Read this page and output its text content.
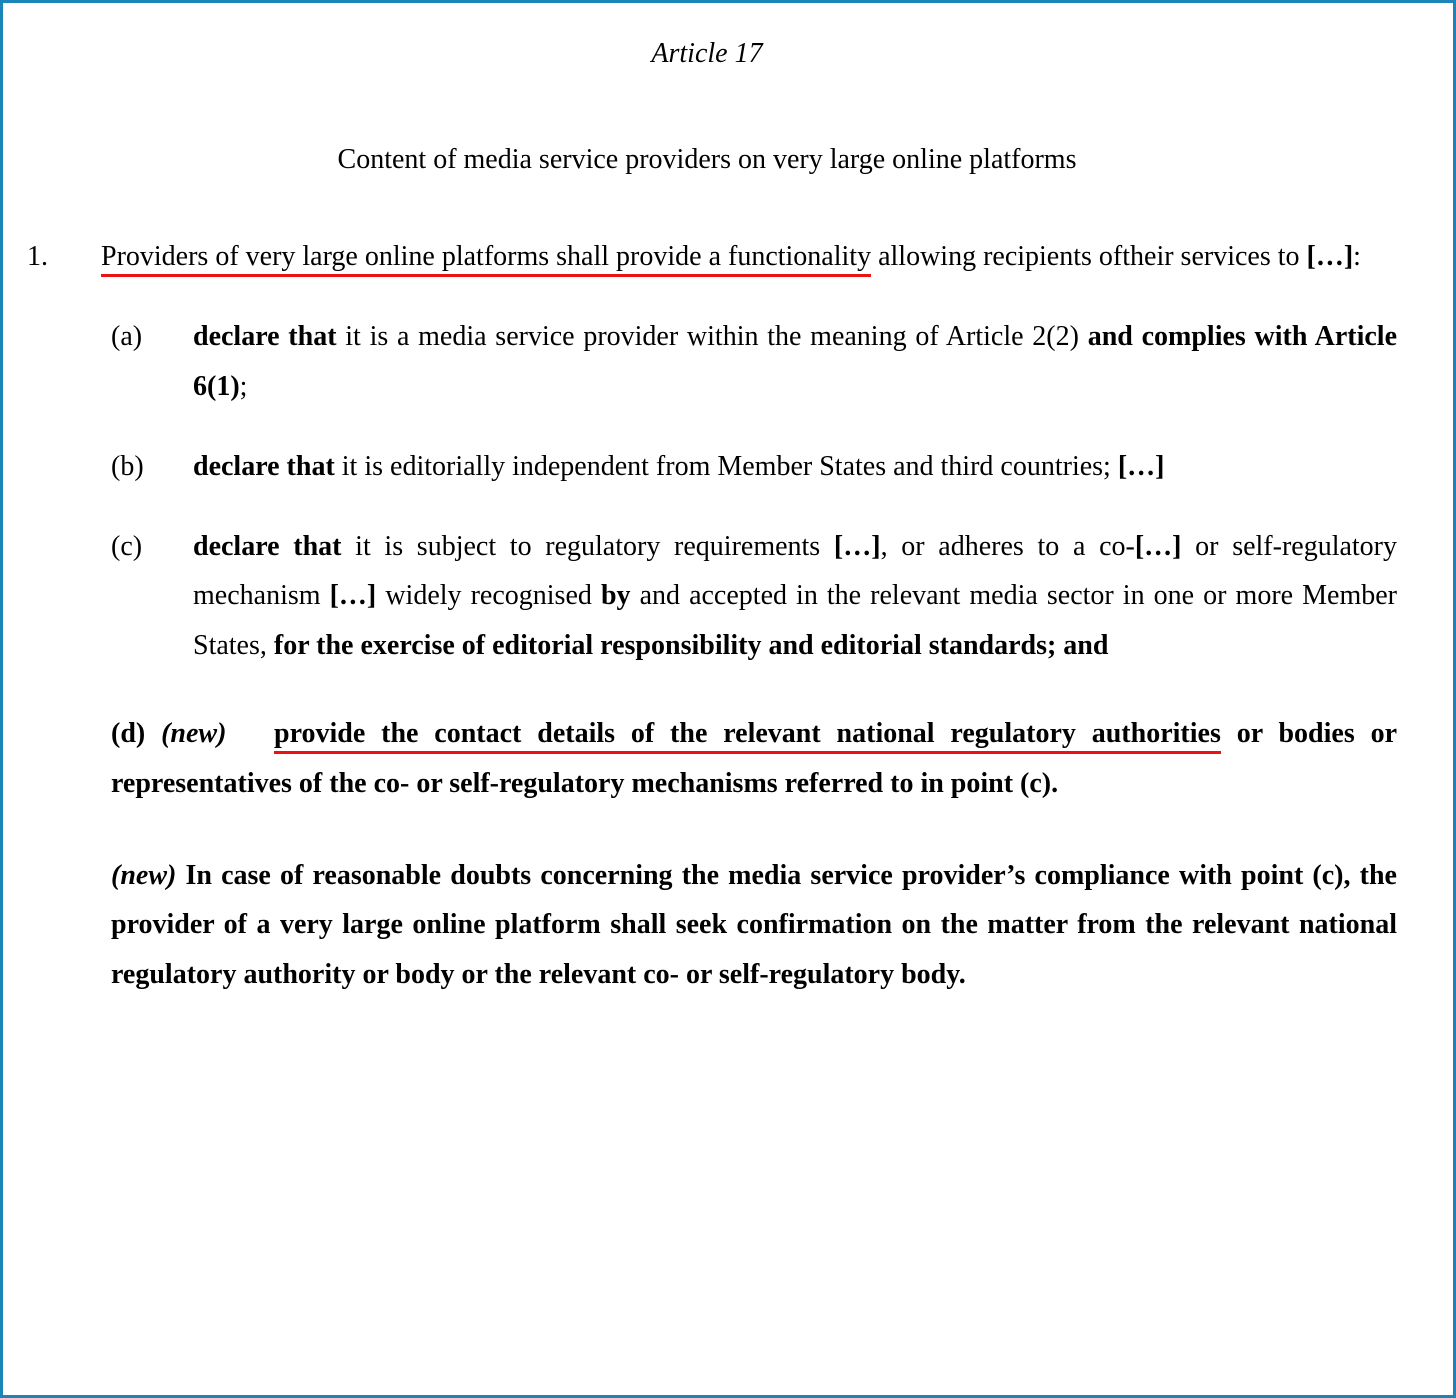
Article 17
Content of media service providers on very large online platforms
1.	Providers of very large online platforms shall provide a functionality allowing recipients oftheir services to […]:
(a)	declare that it is a media service provider within the meaning of Article 2(2) and complies with Article 6(1);
(b)	declare that it is editorially independent from Member States and third countries; […]
(c)	declare that it is subject to regulatory requirements […], or adheres to a co-[…] or self-regulatory mechanism […] widely recognised by and accepted in the relevant media sector in one or more Member States, for the exercise of editorial responsibility and editorial standards; and
(d) (new) provide the contact details of the relevant national regulatory authorities or bodies or representatives of the co- or self-regulatory mechanisms referred to in point (c).
(new) In case of reasonable doubts concerning the media service provider’s compliance with point (c), the provider of a very large online platform shall seek confirmation on the matter from the relevant national regulatory authority or body or the relevant co- or self-regulatory body.
